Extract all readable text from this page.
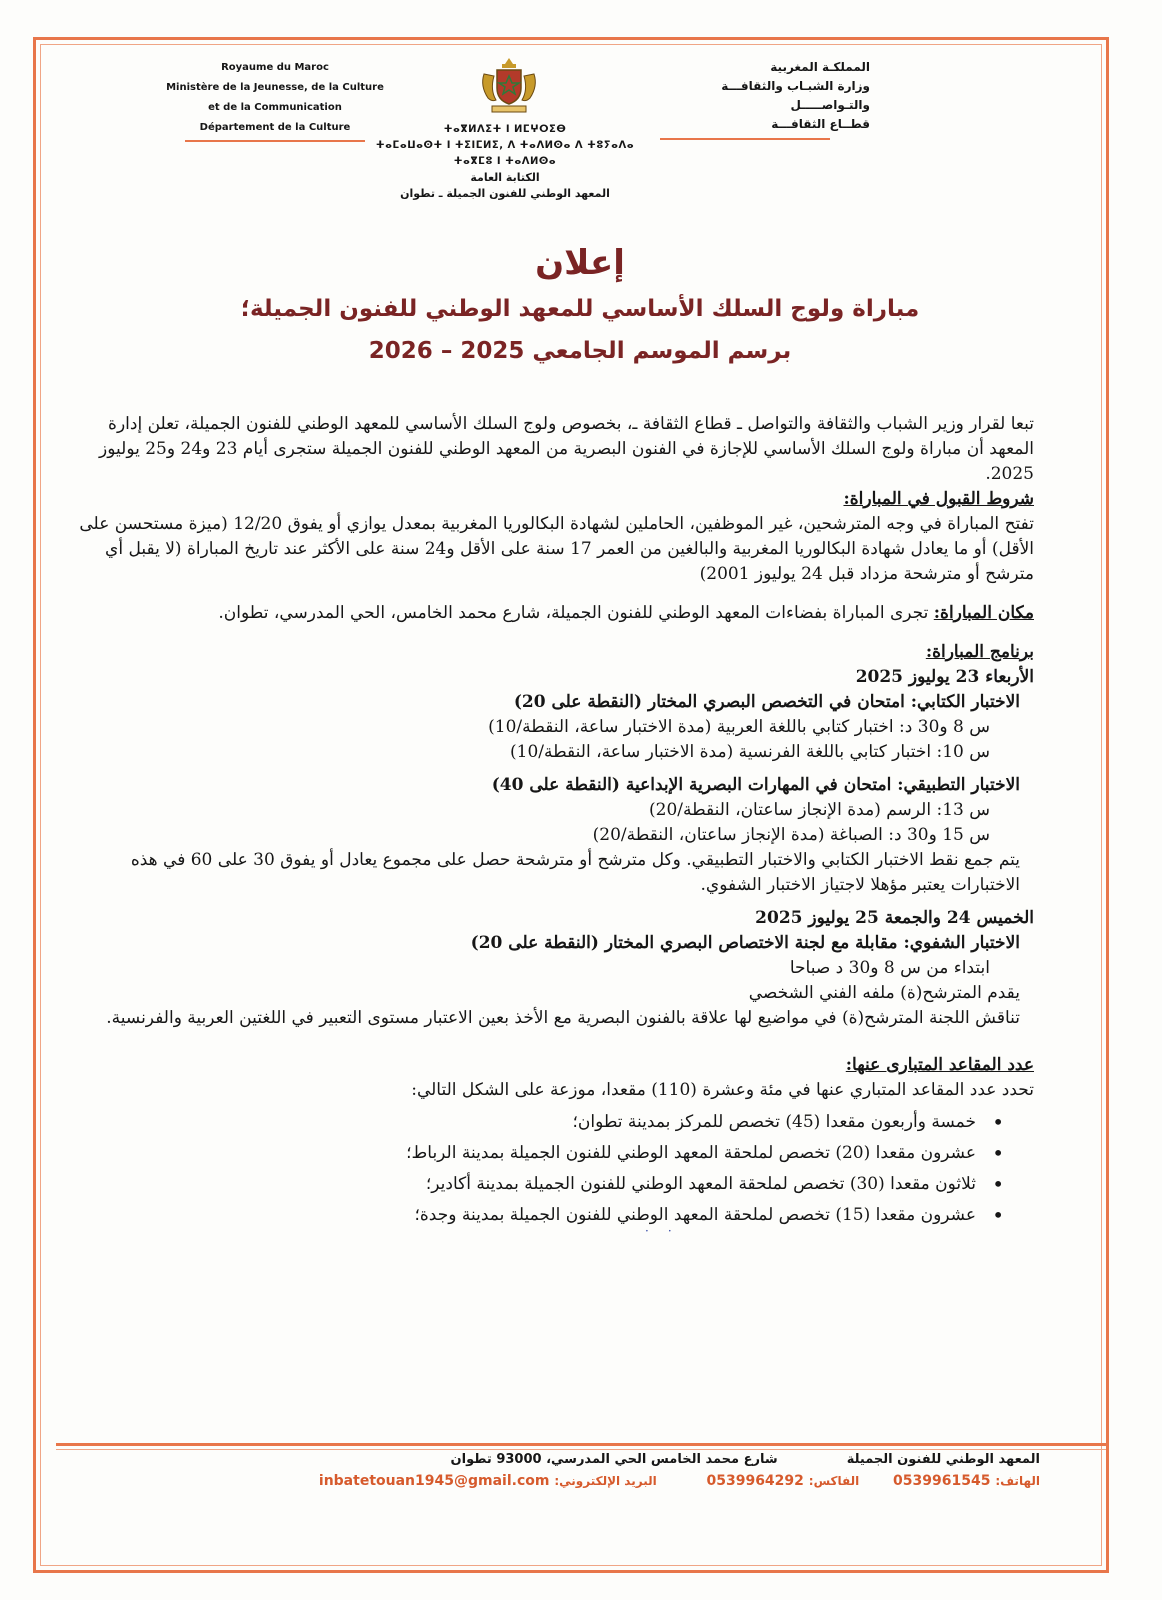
Royaume du Maroc
Ministère de la Jeunesse, de la Culture
et de la Communication
Département de la Culture
المملكـة المغربية
وزارة الشبـاب والثقافـــة
والتـواصـــــل
قطــاع الثقافـــة
ⵜⴰⴳⵍⴷⵉⵜ ⵏ ⵍⵎⵖⵔⵉⴱ
ⵜⴰⵎⴰⵡⴰⵙⵜ ⵏ ⵜⵉⵏⵎⵍⵉ, ⴷ ⵜⴰⴷⵍⵙⴰ ⴷ ⵜⵓⵢⴰⴷⴰ
ⵜⴰⴳⵎⵓ ⵏ ⵜⴰⴷⵍⵙⴰ
الكتابة العامة
المعهد الوطني للفنون الجميلة ـ تطوان
إعلان
مباراة ولوج السلك الأساسي للمعهد الوطني للفنون الجميلة؛
برسم الموسم الجامعي 2025 – 2026

تبعا لقرار وزير الشباب والثقافة والتواصل ـ قطاع الثقافة ـ، بخصوص ولوج السلك الأساسي للمعهد الوطني للفنون الجميلة، تعلن إدارة المعهد أن مباراة ولوج السلك الأساسي للإجازة في الفنون البصرية من المعهد الوطني للفنون الجميلة ستجرى أيام 23 و24 و25 يوليوز 2025.

شروط القبول في المباراة:

تفتح المباراة في وجه المترشحين، غير الموظفين، الحاملين لشهادة البكالوريا المغربية بمعدل يوازي أو يفوق 12/20 (ميزة مستحسن على الأقل) أو ما يعادل شهادة البكالوريا المغربية والبالغين من العمر 17 سنة على الأقل و24 سنة على الأكثر عند تاريخ المباراة (لا يقبل أي مترشح أو مترشحة مزداد قبل 24 يوليوز 2001)

مكان المباراة: تجرى المباراة بفضاءات المعهد الوطني للفنون الجميلة، شارع محمد الخامس، الحي المدرسي، تطوان.

برنامج المباراة:

الأربعاء 23 يوليوز 2025

الاختبار الكتابي: امتحان في التخصص البصري المختار (النقطة على 20)

س 8 و30 د: اختبار كتابي باللغة العربية (مدة الاختبار ساعة، النقطة/10)

س 10: اختبار كتابي باللغة الفرنسية (مدة الاختبار ساعة، النقطة/10)

الاختبار التطبيقي: امتحان في المهارات البصرية الإبداعية (النقطة على 40)

س 13: الرسم (مدة الإنجاز ساعتان، النقطة/20)

س 15 و30 د: الصباغة (مدة الإنجاز ساعتان، النقطة/20)

يتم جمع نقط الاختبار الكتابي والاختبار التطبيقي. وكل مترشح أو مترشحة حصل على مجموع يعادل أو يفوق 30 على 60 في هذه الاختبارات يعتبر مؤهلا لاجتياز الاختبار الشفوي.

الخميس 24 والجمعة 25 يوليوز 2025

الاختبار الشفوي: مقابلة مع لجنة الاختصاص البصري المختار (النقطة على 20)

ابتداء من س 8 و30 د صباحا

يقدم المترشح(ة) ملفه الفني الشخصي

تناقش اللجنة المترشح(ة) في مواضيع لها علاقة بالفنون البصرية مع الأخذ بعين الاعتبار مستوى التعبير في اللغتين العربية والفرنسية.

عدد المقاعد المتبارى عنها:

تحدد عدد المقاعد المتباري عنها في مئة وعشرة (110) مقعدا، موزعة على الشكل التالي:

• خمسة وأربعون مقعدا (45) تخصص للمركز بمدينة تطوان؛
• عشرون مقعدا (20) تخصص لملحقة المعهد الوطني للفنون الجميلة بمدينة الرباط؛
• ثلاثون مقعدا (30) تخصص لملحقة المعهد الوطني للفنون الجميلة بمدينة أكادير؛
• عشرون مقعدا (15) تخصص لملحقة المعهد الوطني للفنون الجميلة بمدينة وجدة؛
·     ·
المعهد الوطني للفنون الجميلة  شارع محمد الخامس الحي المدرسي، 93000 تطوان
الهاتف: 0539961545  الفاكس: 0539964292  البريد الإلكتروني: inbatetouan1945@gmail.com
